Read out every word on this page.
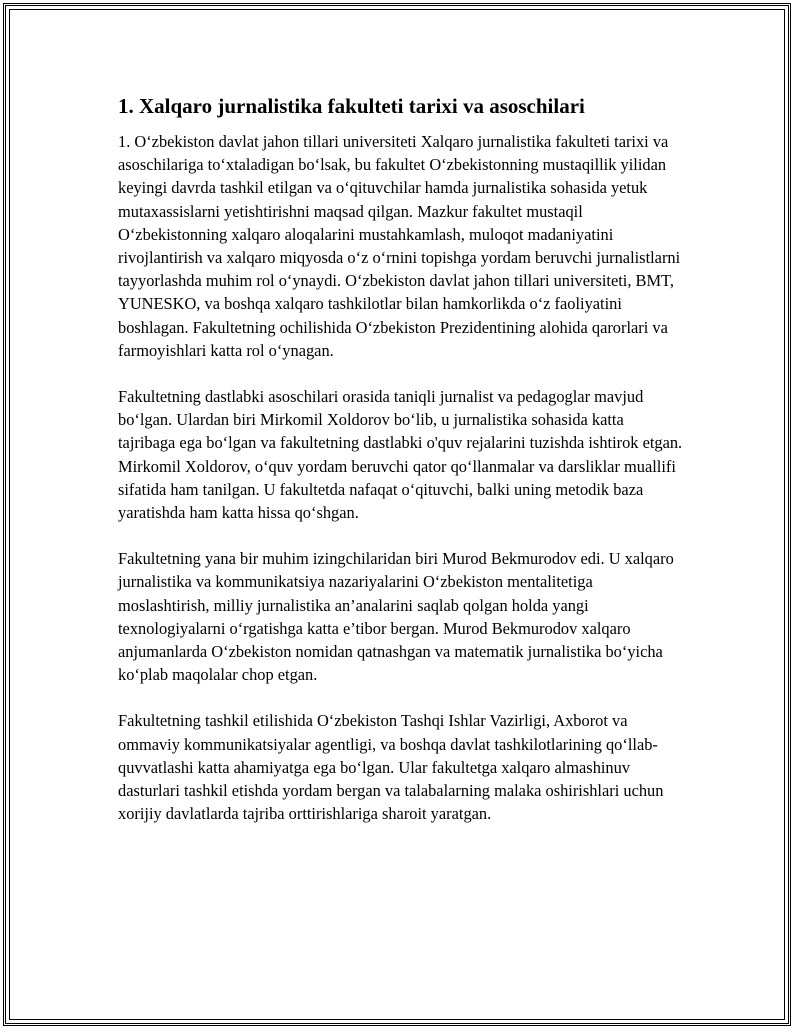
1. Xalqaro jurnalistika fakulteti tarixi va asoschilari

1. O‘zbekiston davlat jahon tillari universiteti Xalqaro jurnalistika fakulteti tarixi va asoschilariga to‘xtaladigan bo‘lsak, bu fakultet O‘zbekistonning mustaqillik yilidan keyingi davrda tashkil etilgan va o‘qituvchilar hamda jurnalistika sohasida yetuk mutaxassislarni yetishtirishni maqsad qilgan. Mazkur fakultet mustaqil O‘zbekistonning xalqaro aloqalarini mustahkamlash, muloqot madaniyatini rivojlantirish va xalqaro miqyosda o‘z o‘rnini topishga yordam beruvchi jurnalistlarni tayyorlashda muhim rol o‘ynaydi. O‘zbekiston davlat jahon tillari universiteti, BMT, YUNESKO, va boshqa xalqaro tashkilotlar bilan hamkorlikda o‘z faoliyatini boshlagan. Fakultetning ochilishida O‘zbekiston Prezidentining alohida qarorlari va farmoyishlari katta rol o‘ynagan.

Fakultetning dastlabki asoschilari orasida taniqli jurnalist va pedagoglar mavjud bo‘lgan. Ulardan biri Mirkomil Xoldorov bo‘lib, u jurnalistika sohasida katta tajribaga ega bo‘lgan va fakultetning dastlabki o'quv rejalarini tuzishda ishtirok etgan. Mirkomil Xoldorov, o‘quv yordam beruvchi qator qo‘llanmalar va darsliklar muallifi sifatida ham tanilgan. U fakultetda nafaqat o‘qituvchi, balki uning metodik baza yaratishda ham katta hissa qo‘shgan.

Fakultetning yana bir muhim izingchilaridan biri Murod Bekmurodov edi. U xalqaro jurnalistika va kommunikatsiya nazariyalarini O‘zbekiston mentalitetiga moslashtirish, milliy jurnalistika an’analarini saqlab qolgan holda yangi texnologiyalarni o‘rgatishga katta e’tibor bergan. Murod Bekmurodov xalqaro anjumanlarda O‘zbekiston nomidan qatnashgan va matematik jurnalistika bo‘yicha ko‘plab maqolalar chop etgan.

Fakultetning tashkil etilishida O‘zbekiston Tashqi Ishlar Vazirligi, Axborot va ommaviy kommunikatsiyalar agentligi, va boshqa davlat tashkilotlarining qo‘llab-quvvatlashi katta ahamiyatga ega bo‘lgan. Ular fakultetga xalqaro almashinuv dasturlari tashkil etishda yordam bergan va talabalarning malaka oshirishlari uchun xorijiy davlatlarda tajriba orttirishlariga sharoit yaratgan.
